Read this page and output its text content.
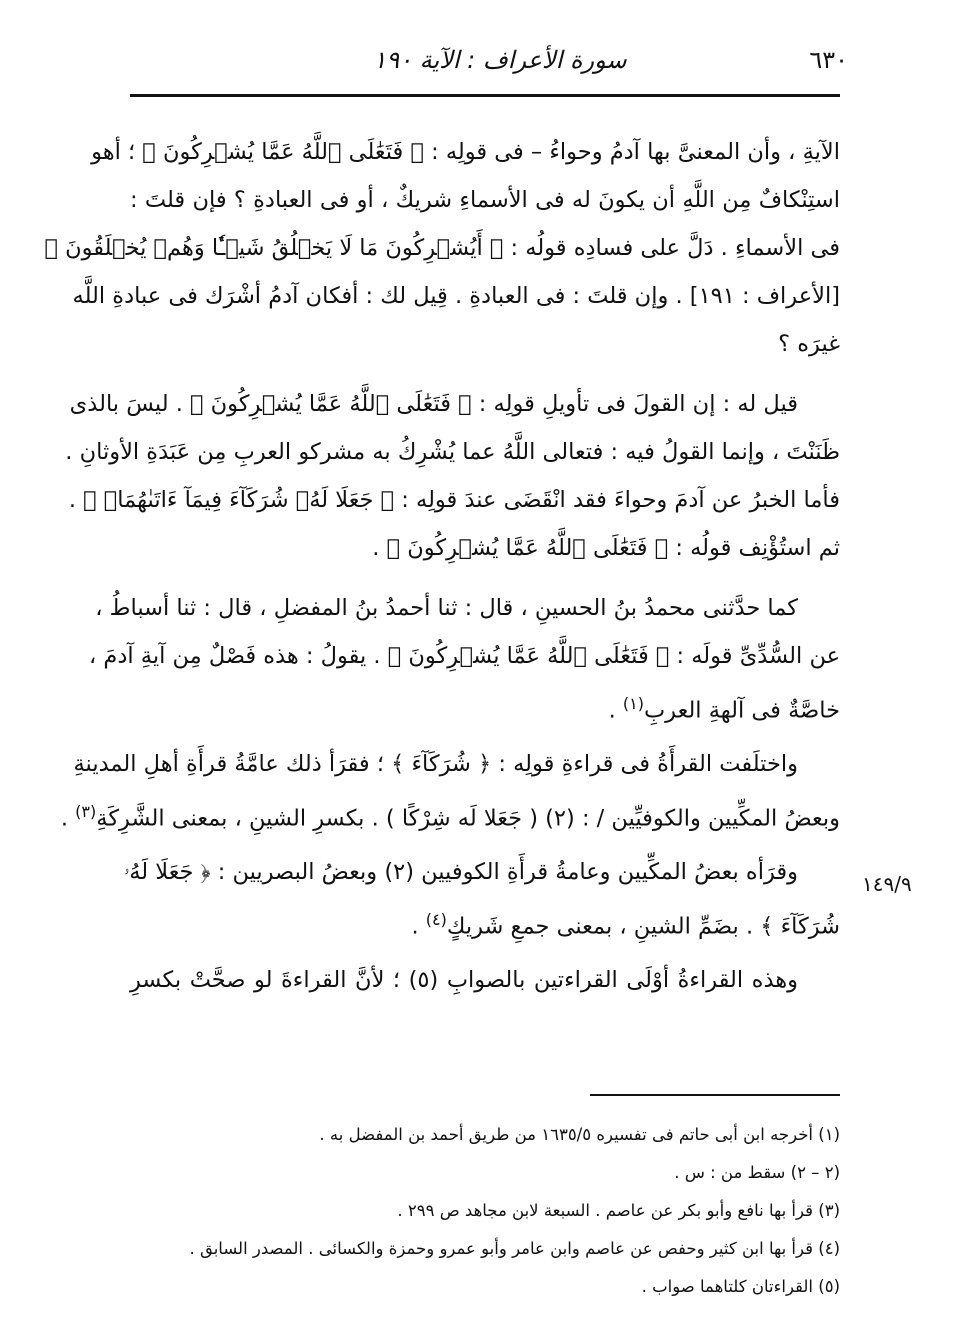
سورة الأعراف : الآية ١٩٠	٦٣٠
١٤٩/٩
الآيةِ ، وأن المعنىَّ بها آدمُ وحواءُ – فى قولِه : ﴿ فَتَعَٰلَى ٱللَّهُ عَمَّا يُشۡرِكُونَ ﴾ ؛ أهو
استِنْكافٌ مِن اللَّهِ أن يكونَ له فى الأسماءِ شريكٌ ، أو فى العبادةِ ؟ فإن قلتَ :
فى الأسماءِ . دَلَّ على فسادِه قولُه : ﴿ أَيُشۡرِكُونَ مَا لَا يَخۡلُقُ شَيۡـٔٗا وَهُمۡ يُخۡلَقُونَ ﴾
[الأعراف : ١٩١] . وإن قلتَ : فى العبادةِ . قِيل لك : أفكان آدمُ أشْرَك فى عبادةِ اللَّه
غيرَه ؟
قيل له : إن القولَ فى تأويلِ قولِه : ﴿ فَتَعَٰلَى ٱللَّهُ عَمَّا يُشۡرِكُونَ ﴾ . ليسَ بالذى
ظَنَنْتَ ، وإنما القولُ فيه : فتعالى اللَّهُ عما يُشْرِكُ به مشركو العربِ مِن عَبَدَةِ الأوثانِ .
فأما الخبرُ عن آدمَ وحواءَ فقد انْقَضَى عندَ قولِه : ﴿ جَعَلَا لَهُۥ شُرَكَآءَ فِيمَآ ءَاتَىٰهُمَاۚ ﴾ .
ثم استُؤْنِف قولُه : ﴿ فَتَعَٰلَى ٱللَّهُ عَمَّا يُشۡرِكُونَ ﴾ .
كما حدَّثنى محمدُ بنُ الحسينِ ، قال : ثنا أحمدُ بنُ المفضلِ ، قال : ثنا أسباطُ ،
عن السُّدِّىِّ قولَه : ﴿ فَتَعَٰلَى ٱللَّهُ عَمَّا يُشۡرِكُونَ ﴾ . يقولُ : هذه فَصْلٌ مِن آيةِ آدمَ ،
خاصَّةٌ فى آلهةِ العربِ$^{(١)}$ .
واختلَفت القرأَةُ فى قراءةِ قولِه : ﴿ شُرَكَآءَ ﴾ ؛ فقرَأ ذلك عامَّةُ قرأَةِ أهلِ المدينةِ
وبعضُ المكِّيين والكوفيِّين / : (٢) ( جَعَلا لَه شِرْكًا ) . بكسرِ الشينِ ، بمعنى الشَّرِكَةِ$^{(٣)}$ .
وقرَأه بعضُ المكِّيين وعامةُ قرأَةِ الكوفيين (٢) وبعضُ البصريين : ﴿ جَعَلَا لَهُۥ
شُرَكَآءَ ﴾ . بضَمِّ الشينِ ، بمعنى جمعِ شَريكٍ$^{(٤)}$ .
وهذه القراءةُ أوْلَى القراءتين بالصوابِ (٥) ؛ لأنَّ القراءةَ لو صحَّتْ بكسرِ
(١) أخرجه ابن أبى حاتم فى تفسيره ١٦٣٥/٥ من طريق أحمد بن المفضل به .
(٢ – ٢) سقط من : س .
(٣) قرأ بها نافع وأبو بكر عن عاصم . السبعة لابن مجاهد ص ٢٩٩ .
(٤) قرأ بها ابن كثير وحفص عن عاصم وابن عامر وأبو عمرو وحمزة والكسائى . المصدر السابق .
(٥) القراءتان كلتاهما صواب .
